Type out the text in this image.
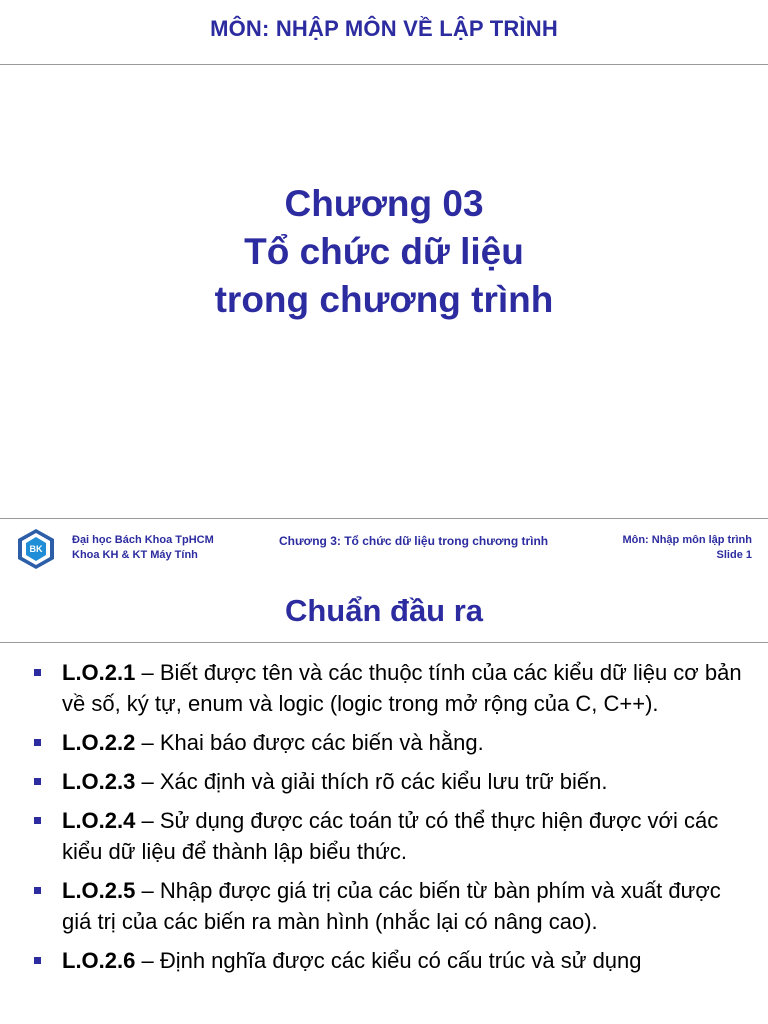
MÔN: NHẬP MÔN VỀ LẬP TRÌNH
Chương 03
Tổ chức dữ liệu
trong chương trình
BK
Đại học Bách Khoa TpHCM
Khoa KH & KT Máy Tính
Chương 3: Tổ chức dữ liệu trong chương trình	Môn: Nhập môn lập trình
Slide 1
Chuẩn đầu ra
L.O.2.1 – Biết được tên và các thuộc tính của các kiểu dữ liệu cơ bản về số, ký tự, enum và logic (logic trong mở rộng của C, C++).
L.O.2.2 – Khai báo được các biến và hằng.
L.O.2.3 – Xác định và giải thích rõ các kiểu lưu trữ biến.
L.O.2.4 – Sử dụng được các toán tử có thể thực hiện được với các kiểu dữ liệu để thành lập biểu thức.
L.O.2.5 – Nhập được giá trị của các biến từ bàn phím và xuất được giá trị của các biến ra màn hình (nhắc lại có nâng cao).
L.O.2.6 – Định nghĩa được các kiểu có cấu trúc và sử dụng
